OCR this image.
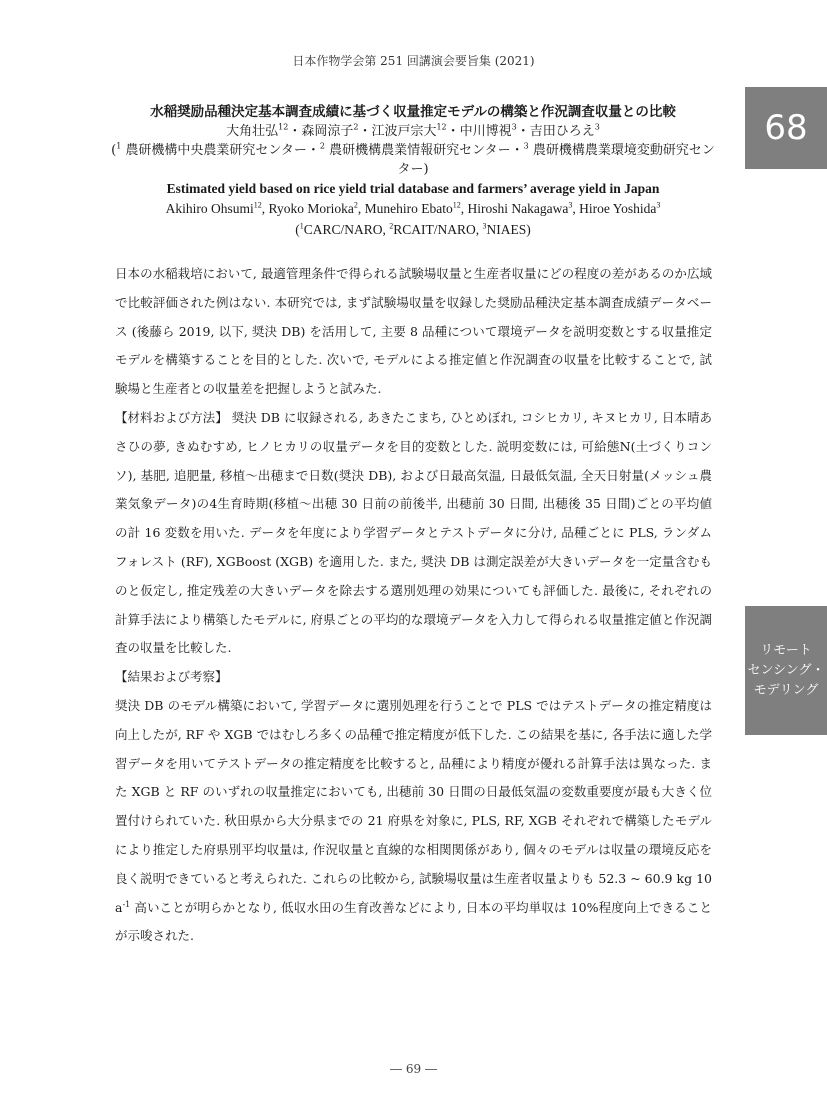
日本作物学会第 251 回講演会要旨集 (2021)
68
リモート
センシング・
モデリング
水稲奨励品種決定基本調査成績に基づく収量推定モデルの構築と作況調査収量との比較
大角壮弘$^{12}$・森岡涼子$^2$・江波戸宗大$^{12}$・中川博視$^3$・吉田ひろえ$^3$
($^1$ 農研機構中央農業研究センター・$^2$ 農研機構農業情報研究センター・$^3$ 農研機構農業環境変動研究センター)
Estimated yield based on rice yield trial database and farmers’ average yield in Japan
Akihiro Ohsumi$^{12}$, Ryoko Morioka$^2$, Munehiro Ebato$^{12}$, Hiroshi Nakagawa$^3$, Hiroe Yoshida$^3$
($^1$CARC/NARO, $^2$RCAIT/NARO, $^3$NIAES)

日本の水稲栽培において, 最適管理条件で得られる試験場収量と生産者収量にどの程度の差があるのか広域で比較評価された例はない. 本研究では, まず試験場収量を収録した奨励品種決定基本調査成績データベース (後藤ら 2019, 以下, 奨決 DB) を活用して, 主要 8 品種について環境データを説明変数とする収量推定モデルを構築することを目的とした. 次いで, モデルによる推定値と作況調査の収量を比較することで, 試験場と生産者との収量差を把握しようと試みた.

【材料および方法】 奨決 DB に収録される, あきたこまち, ひとめぼれ, コシヒカリ, キヌヒカリ, 日本晴あさひの夢, きぬむすめ, ヒノヒカリの収量データを目的変数とした. 説明変数には, 可給態N(土づくりコンソ), 基肥, 追肥量, 移植～出穂まで日数(奨決 DB), および日最高気温, 日最低気温, 全天日射量(メッシュ農業気象データ)の4生育時期(移植～出穂 30 日前の前後半, 出穂前 30 日間, 出穂後 35 日間)ごとの平均値の計 16 変数を用いた. データを年度により学習データとテストデータに分け, 品種ごとに PLS, ランダムフォレスト (RF), XGBoost (XGB) を適用した. また, 奨決 DB は測定誤差が大きいデータを一定量含むものと仮定し, 推定残差の大きいデータを除去する選別処理の効果についても評価した. 最後に, それぞれの計算手法により構築したモデルに, 府県ごとの平均的な環境データを入力して得られる収量推定値と作況調査の収量を比較した.

【結果および考察】

奨決 DB のモデル構築において, 学習データに選別処理を行うことで PLS ではテストデータの推定精度は向上したが, RF や XGB ではむしろ多くの品種で推定精度が低下した. この結果を基に, 各手法に適した学習データを用いてテストデータの推定精度を比較すると, 品種により精度が優れる計算手法は異なった. また XGB と RF のいずれの収量推定においても, 出穂前 30 日間の日最低気温の変数重要度が最も大きく位置付けられていた. 秋田県から大分県までの 21 府県を対象に, PLS, RF, XGB それぞれで構築したモデルにより推定した府県別平均収量は, 作況収量と直線的な相関関係があり, 個々のモデルは収量の環境反応を良く説明できていると考えられた. これらの比較から, 試験場収量は生産者収量よりも 52.3 ~ 60.9 kg 10 $a^{-1}$ 高いことが明らかとなり, 低収水田の生育改善などにより, 日本の平均単収は 10%程度向上できることが示唆された.

― 69 ―
